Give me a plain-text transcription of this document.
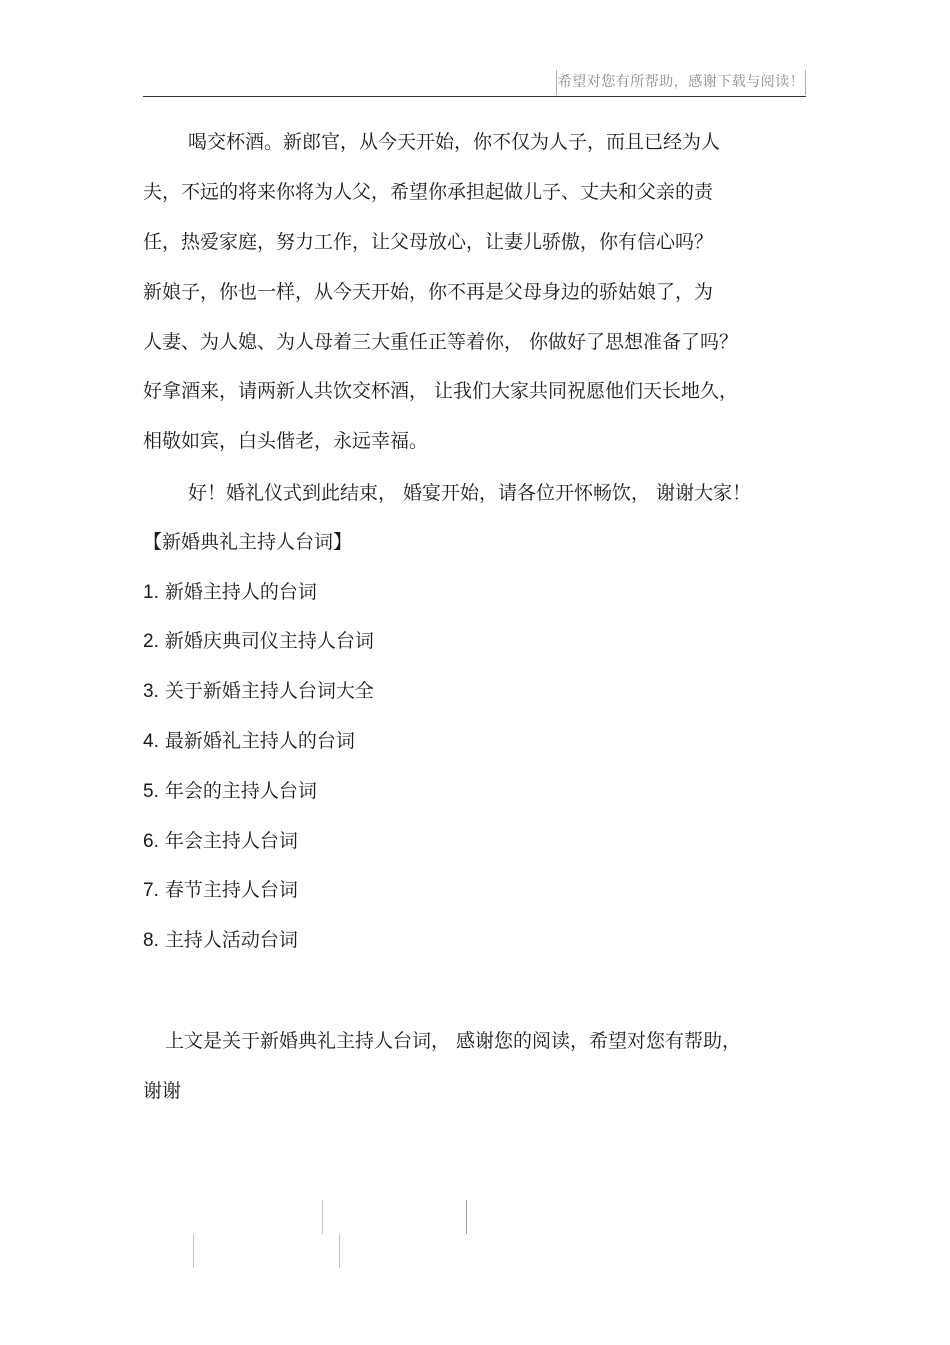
希望对您有所帮助，感谢下载与阅读！
喝交杯酒。新郎官，从今天开始，你不仅为人子，而且已经为人
夫，不远的将来你将为人父，希望你承担起做儿子、丈夫和父亲的责
任，热爱家庭，努力工作，让父母放心，让妻儿骄傲，你有信心吗？
新娘子，你也一样，从今天开始，你不再是父母身边的骄姑娘了，为
人妻、为人媳、为人母着三大重任正等着你， 你做好了思想准备了吗？
好拿酒来，请两新人共饮交杯酒， 让我们大家共同祝愿他们天长地久，
相敬如宾，白头偕老，永远幸福。
好！婚礼仪式到此结束， 婚宴开始，请各位开怀畅饮， 谢谢大家！
【新婚典礼主持人台词】
1. 新婚主持人的台词
2. 新婚庆典司仪主持人台词
3. 关于新婚主持人台词大全
4. 最新婚礼主持人的台词
5. 年会的主持人台词
6. 年会主持人台词
7. 春节主持人台词
8. 主持人活动台词
上文是关于新婚典礼主持人台词， 感谢您的阅读，希望对您有帮助，
谢谢
